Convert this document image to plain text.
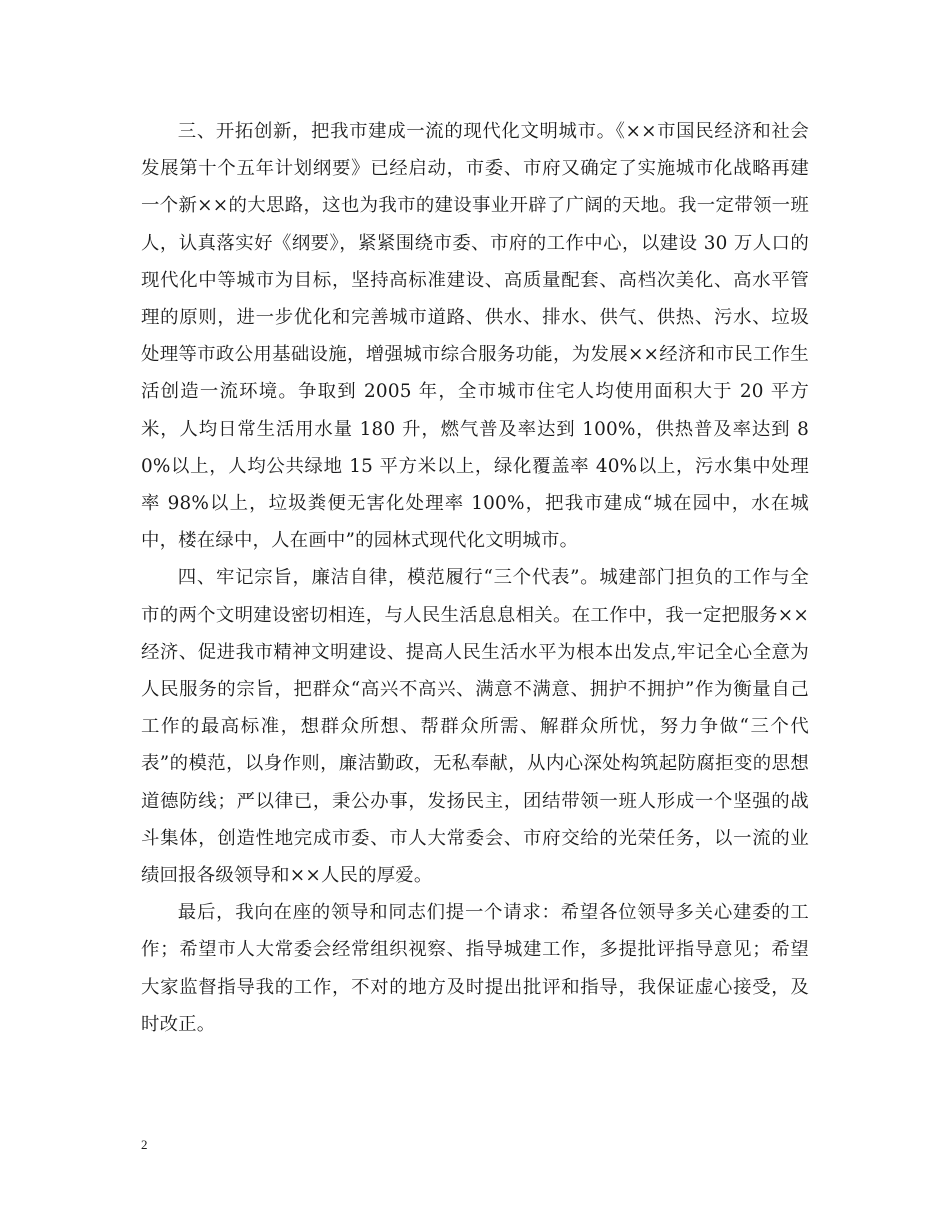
三、开拓创新，把我市建成一流的现代化文明城市。《××市国民经济和社会发展第十个五年计划纲要》已经启动，市委、市府又确定了实施城市化战略再建一个新××的大思路，这也为我市的建设事业开辟了广阔的天地。我一定带领一班人，认真落实好《纲要》，紧紧围绕市委、市府的工作中心，以建设 30 万人口的现代化中等城市为目标，坚持高标准建设、高质量配套、高档次美化、高水平管理的原则，进一步优化和完善城市道路、供水、排水、供气、供热、污水、垃圾处理等市政公用基础设施，增强城市综合服务功能，为发展××经济和市民工作生活创造一流环境。争取到 2005 年，全市城市住宅人均使用面积大于 20 平方米，人均日常生活用水量 180 升，燃气普及率达到 100%，供热普及率达到 80%以上，人均公共绿地 15 平方米以上，绿化覆盖率 40%以上，污水集中处理率 98%以上，垃圾粪便无害化处理率 100%，把我市建成“城在园中，水在城中，楼在绿中，人在画中”的园林式现代化文明城市。

四、牢记宗旨，廉洁自律，模范履行“三个代表”。城建部门担负的工作与全市的两个文明建设密切相连，与人民生活息息相关。在工作中，我一定把服务××经济、促进我市精神文明建设、提高人民生活水平为根本出发点,牢记全心全意为人民服务的宗旨，把群众“高兴不高兴、满意不满意、拥护不拥护”作为衡量自己工作的最高标准，想群众所想、帮群众所需、解群众所忧，努力争做“三个代表”的模范，以身作则，廉洁勤政，无私奉献，从内心深处构筑起防腐拒变的思想道德防线；严以律已，秉公办事，发扬民主，团结带领一班人形成一个坚强的战斗集体，创造性地完成市委、市人大常委会、市府交给的光荣任务，以一流的业绩回报各级领导和××人民的厚爱。

最后，我向在座的领导和同志们提一个请求：希望各位领导多关心建委的工作；希望市人大常委会经常组织视察、指导城建工作，多提批评指导意见；希望大家监督指导我的工作，不对的地方及时提出批评和指导，我保证虚心接受，及时改正。

2
